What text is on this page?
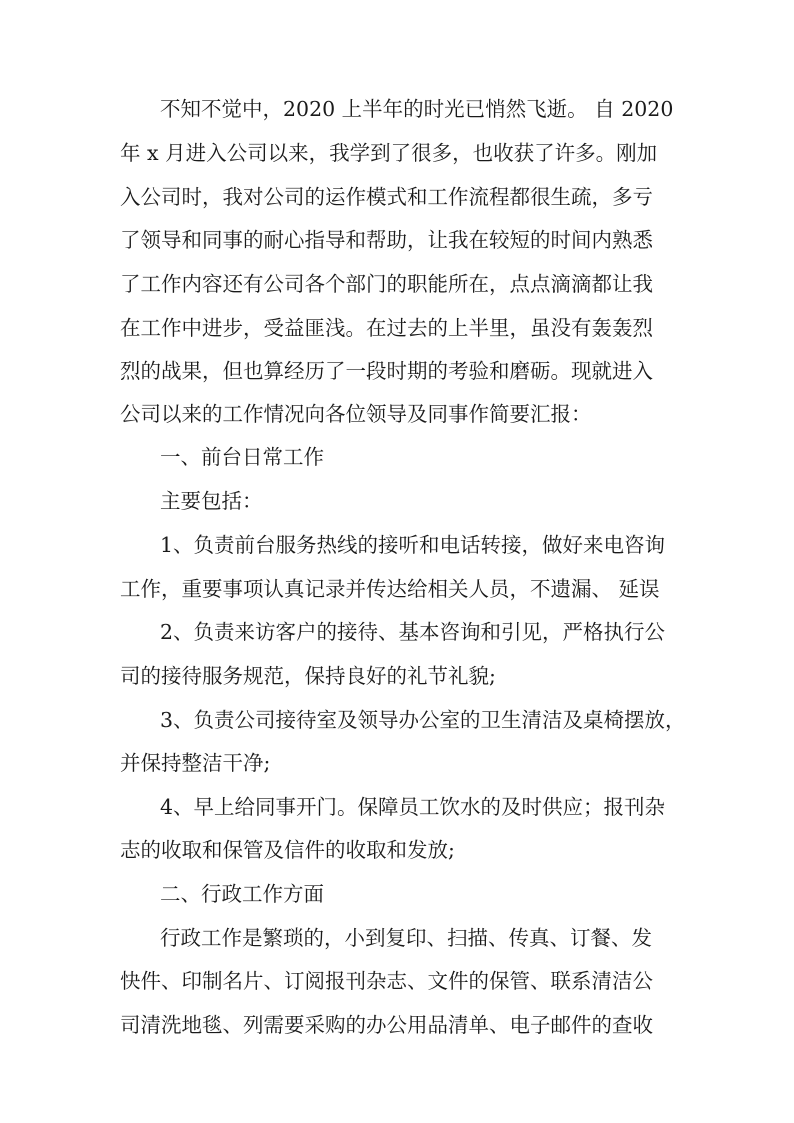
不知不觉中，2020 上半年的时光已悄然飞逝。 自 2020
年 x 月进入公司以来，我学到了很多，也收获了许多。刚加
入公司时，我对公司的运作模式和工作流程都很生疏，多亏
了领导和同事的耐心指导和帮助，让我在较短的时间内熟悉
了工作内容还有公司各个部门的职能所在，点点滴滴都让我
在工作中进步，受益匪浅。在过去的上半里，虽没有轰轰烈
烈的战果，但也算经历了一段时期的考验和磨砺。现就进入
公司以来的工作情况向各位领导及同事作简要汇报：
一、前台日常工作
主要包括：
1、负责前台服务热线的接听和电话转接，做好来电咨询
工作，重要事项认真记录并传达给相关人员，不遗漏、 延误
2、负责来访客户的接待、基本咨询和引见，严格执行公
司的接待服务规范，保持良好的礼节礼貌;
3、负责公司接待室及领导办公室的卫生清洁及桌椅摆放，
并保持整洁干净;
4、早上给同事开门。保障员工饮水的及时供应；报刊杂
志的收取和保管及信件的收取和发放;
二、行政工作方面
行政工作是繁琐的，小到复印、扫描、传真、订餐、发
快件、印制名片、订阅报刊杂志、文件的保管、联系清洁公
司清洗地毯、列需要采购的办公用品清单、电子邮件的查收
